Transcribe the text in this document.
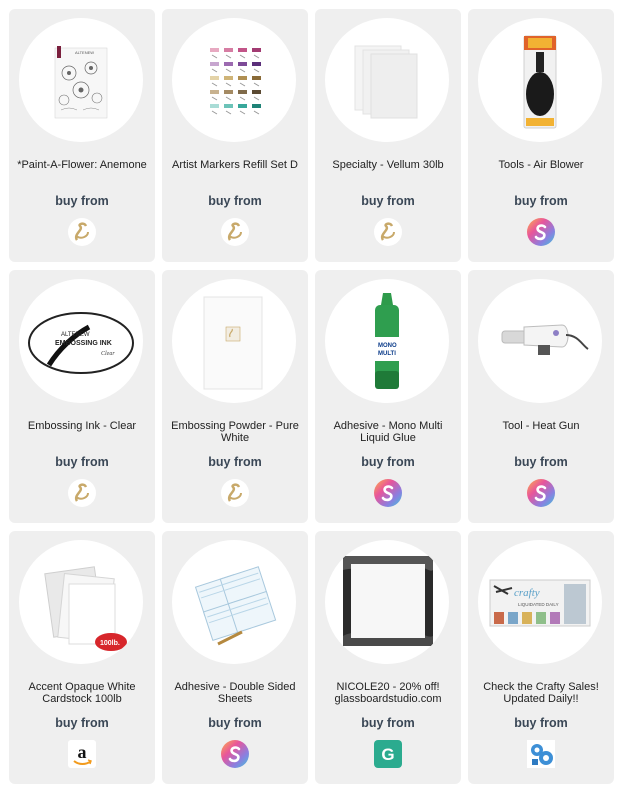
ALTENEW
*Paint-A-Flower: Anemone
buy from
Artist Markers Refill Set D
buy from
Specialty - Vellum 30lb
buy from
Tools - Air Blower
buy from
ALTENEW
EMBOSSING INK
Clear
Embossing Ink - Clear
buy from
Embossing Powder - Pure White
buy from
MONO
MULTI
Adhesive - Mono Multi Liquid Glue
buy from
Tool - Heat Gun
buy from
100lb.
Accent Opaque White Cardstock 100lb
buy from
a
Adhesive - Double Sided Sheets
buy from
NICOLE20 - 20% off! glassboardstudio.com
buy from
G
crafty
LIQUIDATED DAILY
Check the Crafty Sales! Updated Daily!!
buy from
